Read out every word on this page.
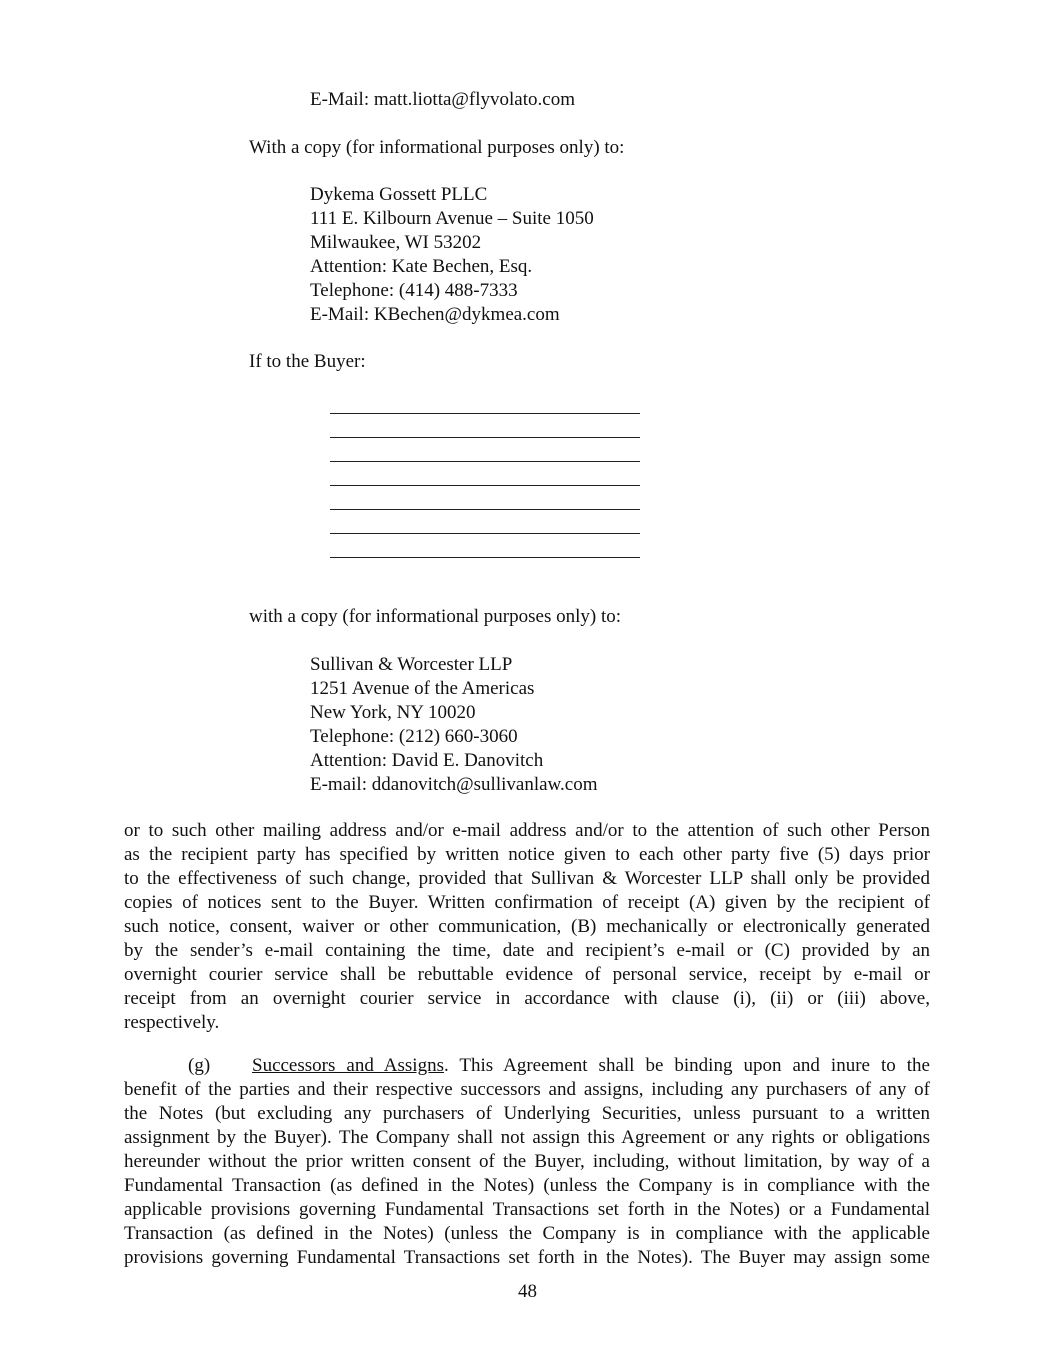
E-Mail: matt.liotta@flyvolato.com
With a copy (for informational purposes only) to:
Dykema Gossett PLLC
111 E. Kilbourn Avenue – Suite 1050
Milwaukee, WI 53202
Attention: Kate Bechen, Esq.
Telephone: (414) 488-7333
E-Mail: KBechen@dykmea.com
If to the Buyer:
with a copy (for informational purposes only) to:
Sullivan & Worcester LLP
1251 Avenue of the Americas
New York, NY 10020
Telephone: (212) 660-3060
Attention: David E. Danovitch
E-mail: ddanovitch@sullivanlaw.com
or to such other mailing address and/or e-mail address and/or to the attention of such other Person
as the recipient party has specified by written notice given to each other party five (5) days prior
to the effectiveness of such change, provided that Sullivan & Worcester LLP shall only be provided
copies of notices sent to the Buyer. Written confirmation of receipt (A) given by the recipient of
such notice, consent, waiver or other communication, (B) mechanically or electronically generated
by the sender’s e-mail containing the time, date and recipient’s e-mail or (C) provided by an
overnight courier service shall be rebuttable evidence of personal service, receipt by e-mail or
receipt from an overnight courier service in accordance with clause (i), (ii) or (iii) above,
respectively.
(g) Successors and Assigns. This Agreement shall be binding upon and inure to the
benefit of the parties and their respective successors and assigns, including any purchasers of any of
the Notes (but excluding any purchasers of Underlying Securities, unless pursuant to a written
assignment by the Buyer). The Company shall not assign this Agreement or any rights or obligations
hereunder without the prior written consent of the Buyer, including, without limitation, by way of a
Fundamental Transaction (as defined in the Notes) (unless the Company is in compliance with the
applicable provisions governing Fundamental Transactions set forth in the Notes) or a Fundamental
Transaction (as defined in the Notes) (unless the Company is in compliance with the applicable
provisions governing Fundamental Transactions set forth in the Notes). The Buyer may assign some
48
